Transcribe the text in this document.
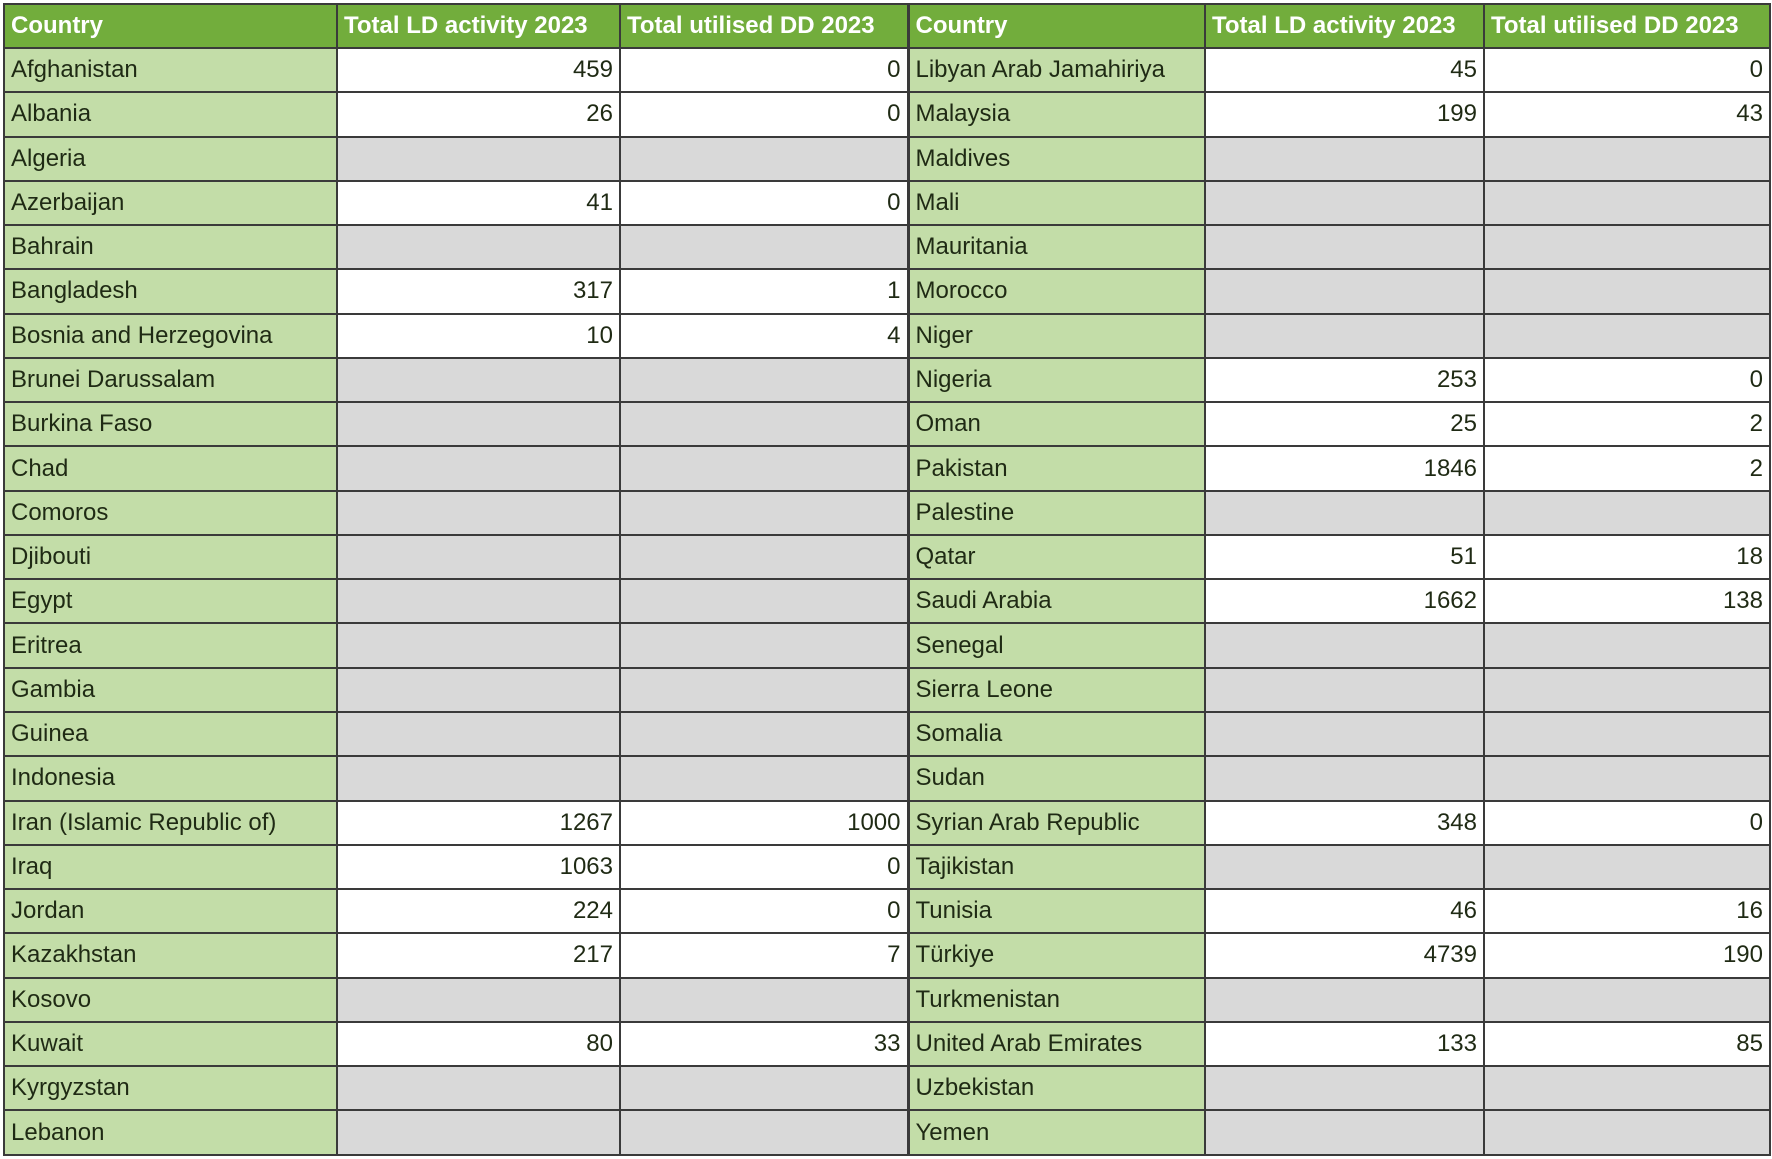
Country	Total LD activity 2023	Total utilised DD 2023	Country	Total LD activity 2023	Total utilised DD 2023
Afghanistan	459	0	Libyan Arab Jamahiriya	45	0
Albania	26	0	Malaysia	199	43
Algeria			Maldives		
Azerbaijan	41	0	Mali		
Bahrain			Mauritania		
Bangladesh	317	1	Morocco		
Bosnia and Herzegovina	10	4	Niger		
Brunei Darussalam			Nigeria	253	0
Burkina Faso			Oman	25	2
Chad			Pakistan	1846	2
Comoros			Palestine		
Djibouti			Qatar	51	18
Egypt			Saudi Arabia	1662	138
Eritrea			Senegal		
Gambia			Sierra Leone		
Guinea			Somalia		
Indonesia			Sudan		
Iran (Islamic Republic of)	1267	1000	Syrian Arab Republic	348	0
Iraq	1063	0	Tajikistan		
Jordan	224	0	Tunisia	46	16
Kazakhstan	217	7	Türkiye	4739	190
Kosovo			Turkmenistan		
Kuwait	80	33	United Arab Emirates	133	85
Kyrgyzstan			Uzbekistan		
Lebanon			Yemen		
